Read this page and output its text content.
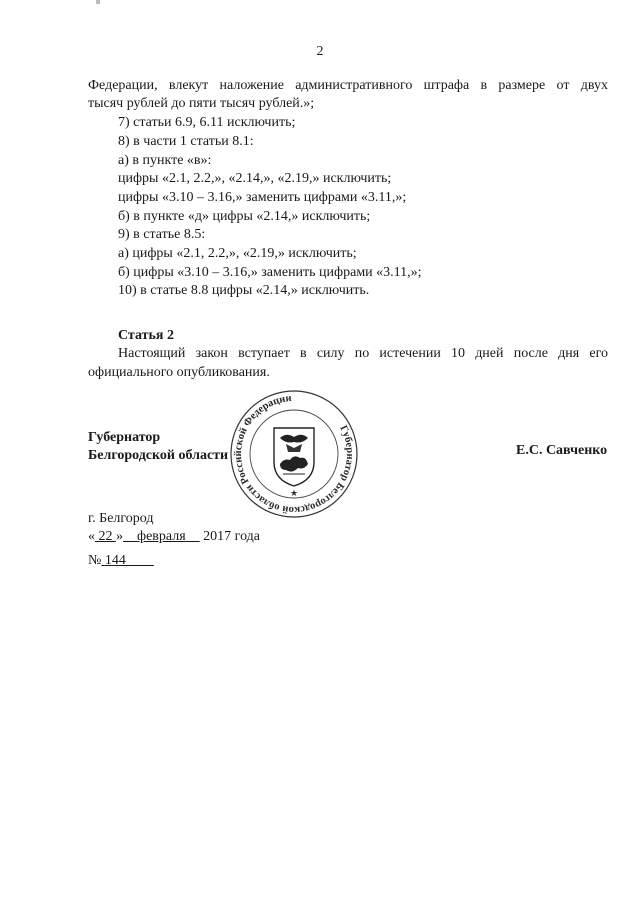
2
Федерации, влекут наложение административного штрафа в размере от двух
тысяч рублей до пяти тысяч рублей.»;
7) статьи 6.9, 6.11 исключить;
8) в части 1 статьи 8.1:
а) в пункте «в»:
цифры «2.1, 2.2,», «2.14,», «2.19,» исключить;
цифры «3.10 – 3.16,» заменить цифрами «3.11,»;
б) в пункте «д» цифры «2.14,» исключить;
9) в статье 8.5:
а) цифры «2.1, 2.2,», «2.19,» исключить;
б) цифры «3.10 – 3.16,» заменить цифрами «3.11,»;
10) в статье 8.8 цифры «2.14,» исключить.
Статья 2
Настоящий закон вступает в силу по истечении 10 дней после дня его
официального опубликования.
Губернатор
Белгородской области	Е.С. Савченко
Губернатор Белгородской области Российской Федерации
★
г. Белгород
« 22 » февраля 2017 года
№ 144
